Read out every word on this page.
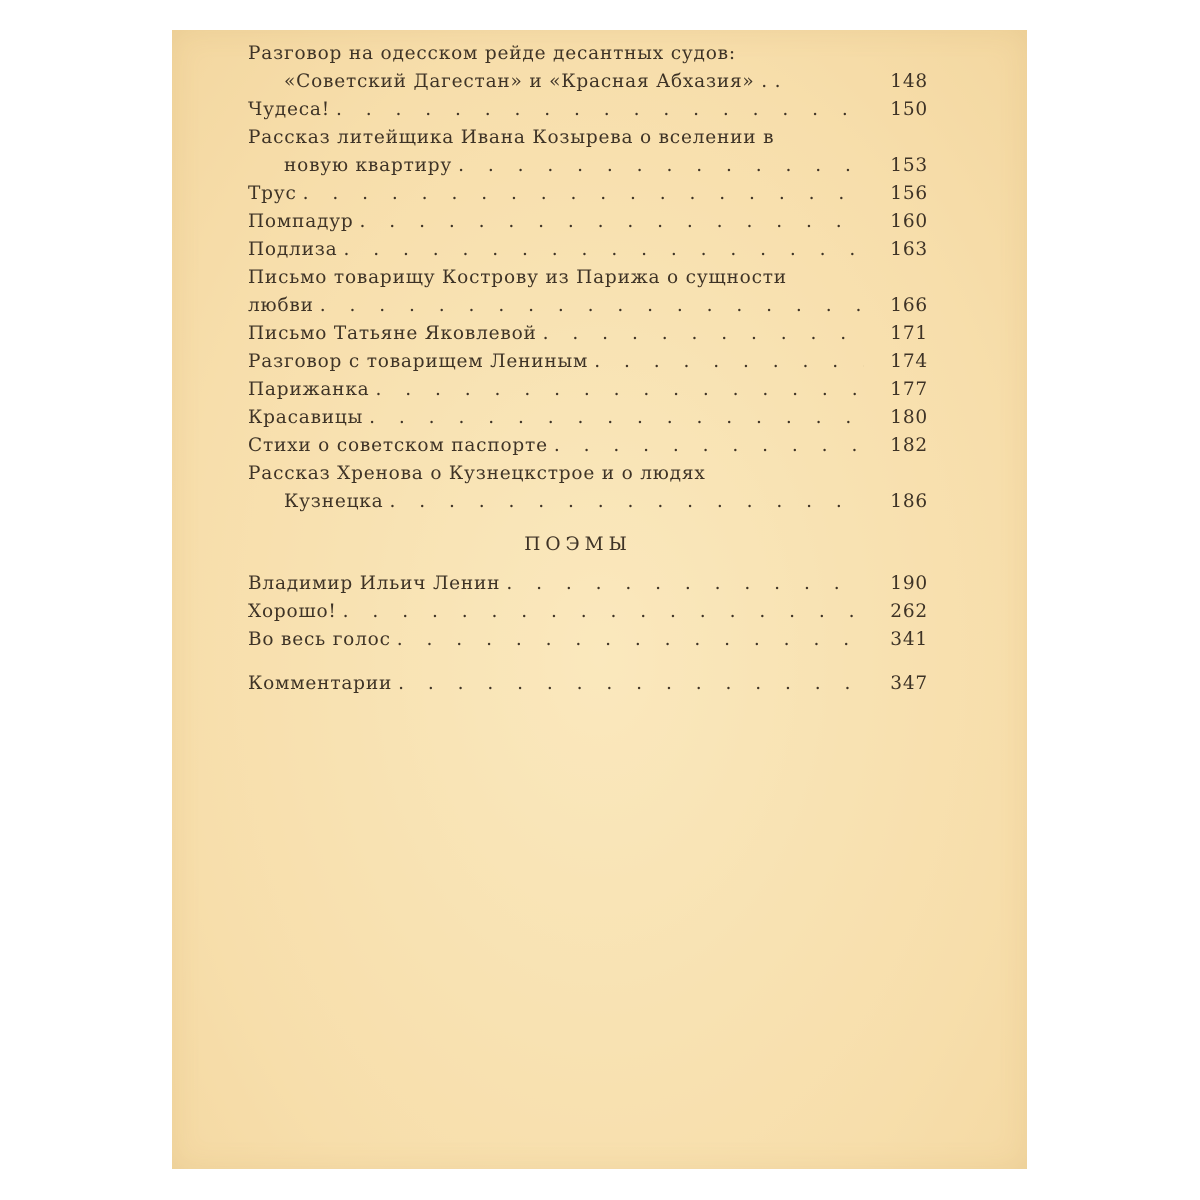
Разговор на одесском рейде десантных судов:
«Советский Дагестан» и «Красная Абхазия» . .	148
Чудеса! . . .	150
Рассказ литейщика Ивана Козырева о вселении в
новую квартиру . . .	153
Трус . . .	156
Помпадур . . .	160
Подлиза . . .	163
Письмо товарищу Кострову из Парижа о сущности
любви . . .	166
Письмо Татьяне Яковлевой . . .	171
Разговор с товарищем Лениным . . .	174
Парижанка . . .	177
Красавицы . . .	180
Стихи о советском паспорте . . .	182
Рассказ Хренова о Кузнецкстрое и о людях
Кузнецка . . .	186
ПОЭМЫ
Владимир Ильич Ленин . . .	190
Хорошо! . . .	262
Во весь голос . . .	341
Комментарии . . .	347
